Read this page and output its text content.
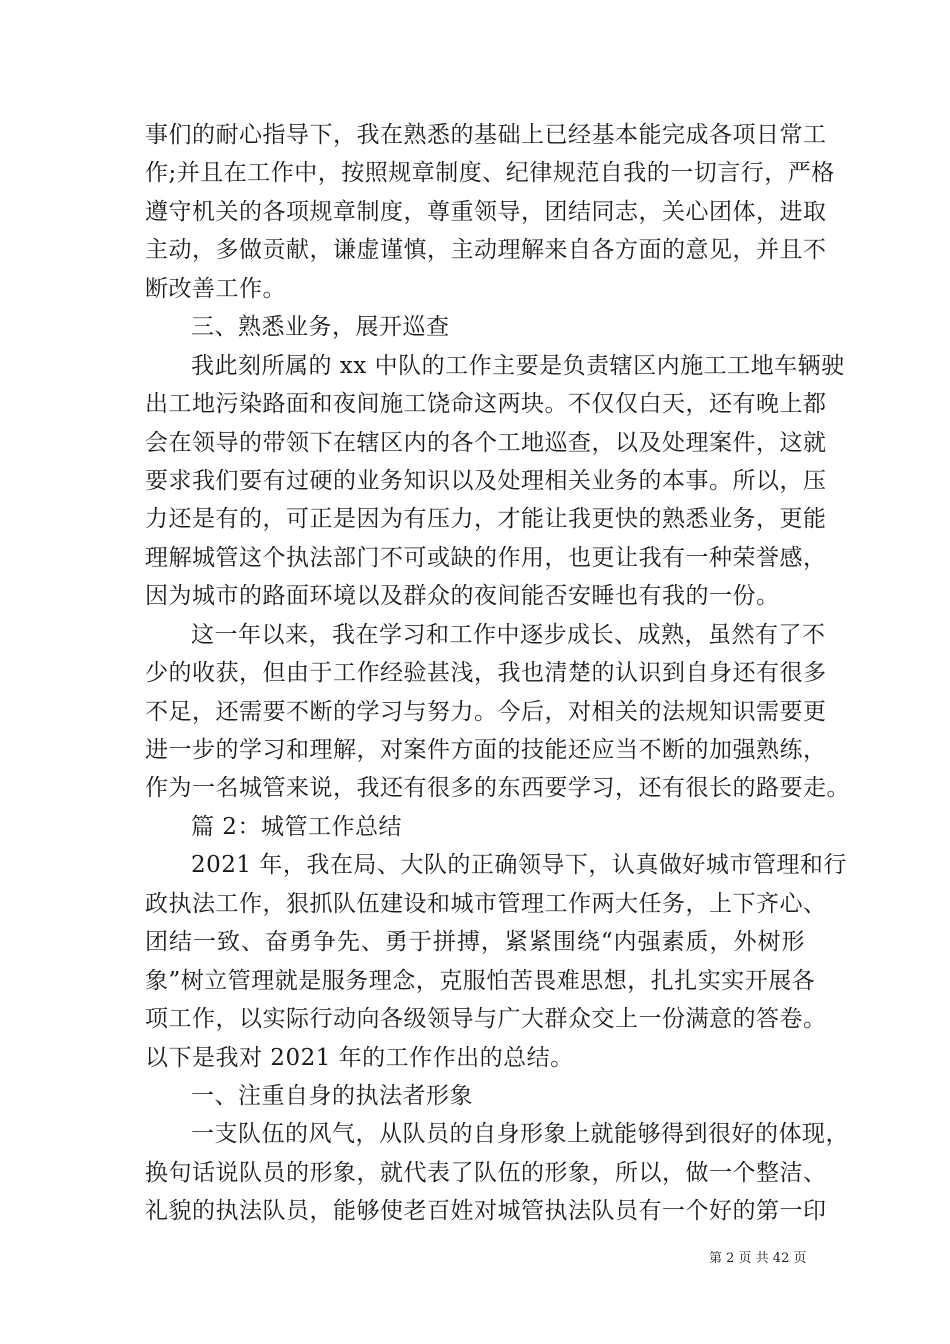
事们的耐心指导下，我在熟悉的基础上已经基本能完成各项日常工
作;并且在工作中，按照规章制度、纪律规范自我的一切言行，严格
遵守机关的各项规章制度，尊重领导，团结同志，关心团体，进取
主动，多做贡献，谦虚谨慎，主动理解来自各方面的意见，并且不
断改善工作。
三、熟悉业务，展开巡查
我此刻所属的 xx 中队的工作主要是负责辖区内施工工地车辆驶
出工地污染路面和夜间施工饶命这两块。不仅仅白天，还有晚上都
会在领导的带领下在辖区内的各个工地巡查，以及处理案件，这就
要求我们要有过硬的业务知识以及处理相关业务的本事。所以，压
力还是有的，可正是因为有压力，才能让我更快的熟悉业务，更能
理解城管这个执法部门不可或缺的作用，也更让我有一种荣誉感，
因为城市的路面环境以及群众的夜间能否安睡也有我的一份。
这一年以来，我在学习和工作中逐步成长、成熟，虽然有了不
少的收获，但由于工作经验甚浅，我也清楚的认识到自身还有很多
不足，还需要不断的学习与努力。今后，对相关的法规知识需要更
进一步的学习和理解，对案件方面的技能还应当不断的加强熟练，
作为一名城管来说，我还有很多的东西要学习，还有很长的路要走。
篇 2：城管工作总结
2021 年，我在局、大队的正确领导下，认真做好城市管理和行
政执法工作，狠抓队伍建设和城市管理工作两大任务，上下齐心、
团结一致、奋勇争先、勇于拼搏，紧紧围绕“内强素质，外树形
象”树立管理就是服务理念，克服怕苦畏难思想，扎扎实实开展各
项工作，以实际行动向各级领导与广大群众交上一份满意的答卷。
以下是我对 2021 年的工作作出的总结。
一、注重自身的执法者形象
一支队伍的风气，从队员的自身形象上就能够得到很好的体现，
换句话说队员的形象，就代表了队伍的形象，所以，做一个整洁、
礼貌的执法队员，能够使老百姓对城管执法队员有一个好的第一印
第 2 页 共 42 页
